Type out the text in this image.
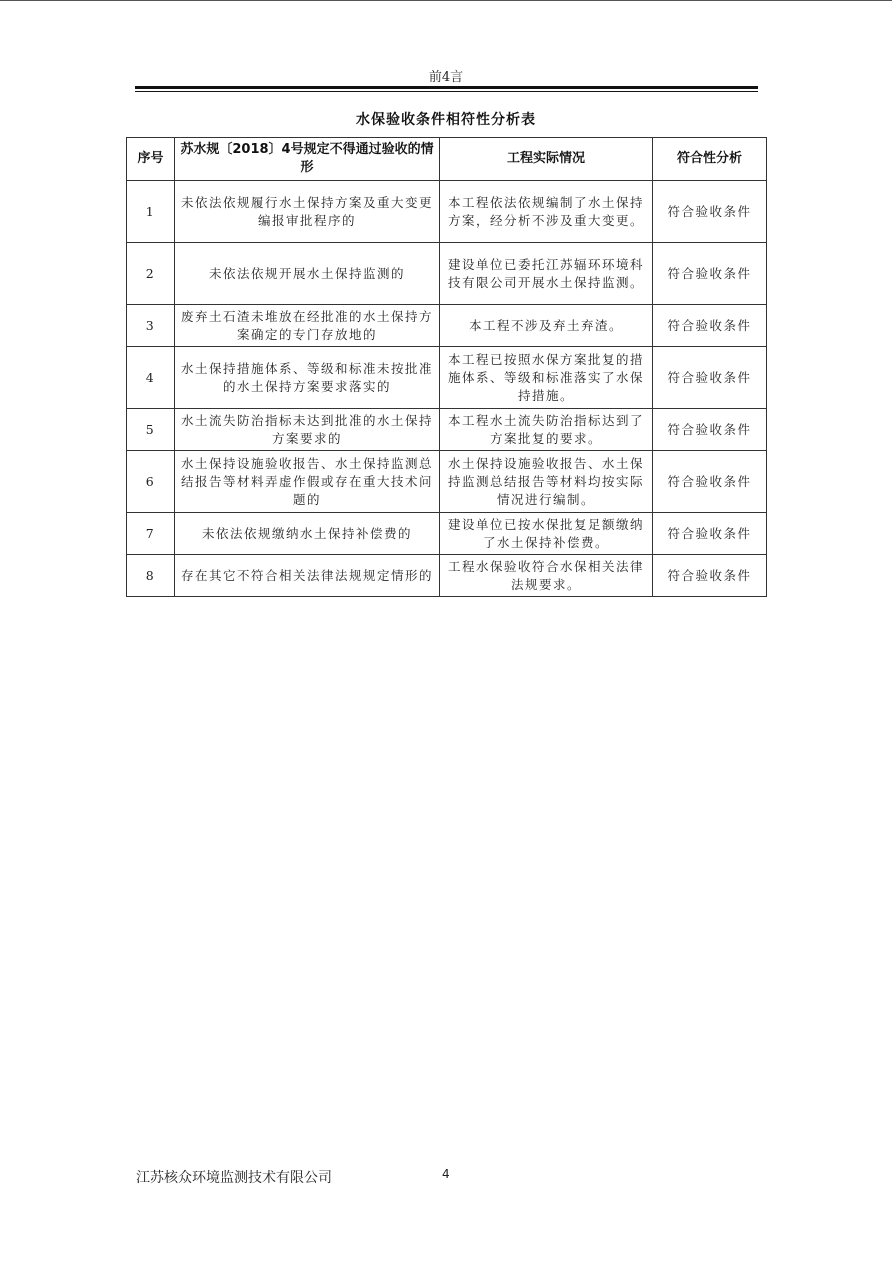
前4言
水保验收条件相符性分析表
序号	苏水规〔2018〕4号规定不得通过验收的情形	工程实际情况	符合性分析
1	未依法依规履行水土保持方案及重大变更编报审批程序的	本工程依法依规编制了水土保持方案，经分析不涉及重大变更。	符合验收条件
2	未依法依规开展水土保持监测的	建设单位已委托江苏辐环环境科技有限公司开展水土保持监测。	符合验收条件
3	废弃土石渣未堆放在经批准的水土保持方案确定的专门存放地的	本工程不涉及弃土弃渣。	符合验收条件
4	水土保持措施体系、等级和标准未按批准的水土保持方案要求落实的	本工程已按照水保方案批复的措施体系、等级和标准落实了水保持措施。	符合验收条件
5	水土流失防治指标未达到批准的水土保持方案要求的	本工程水土流失防治指标达到了方案批复的要求。	符合验收条件
6	水土保持设施验收报告、水土保持监测总结报告等材料弄虚作假或存在重大技术问题的	水土保持设施验收报告、水土保持监测总结报告等材料均按实际情况进行编制。	符合验收条件
7	未依法依规缴纳水土保持补偿费的	建设单位已按水保批复足额缴纳了水土保持补偿费。	符合验收条件
8	存在其它不符合相关法律法规规定情形的	工程水保验收符合水保相关法律法规要求。	符合验收条件
江苏核众环境监测技术有限公司	4
